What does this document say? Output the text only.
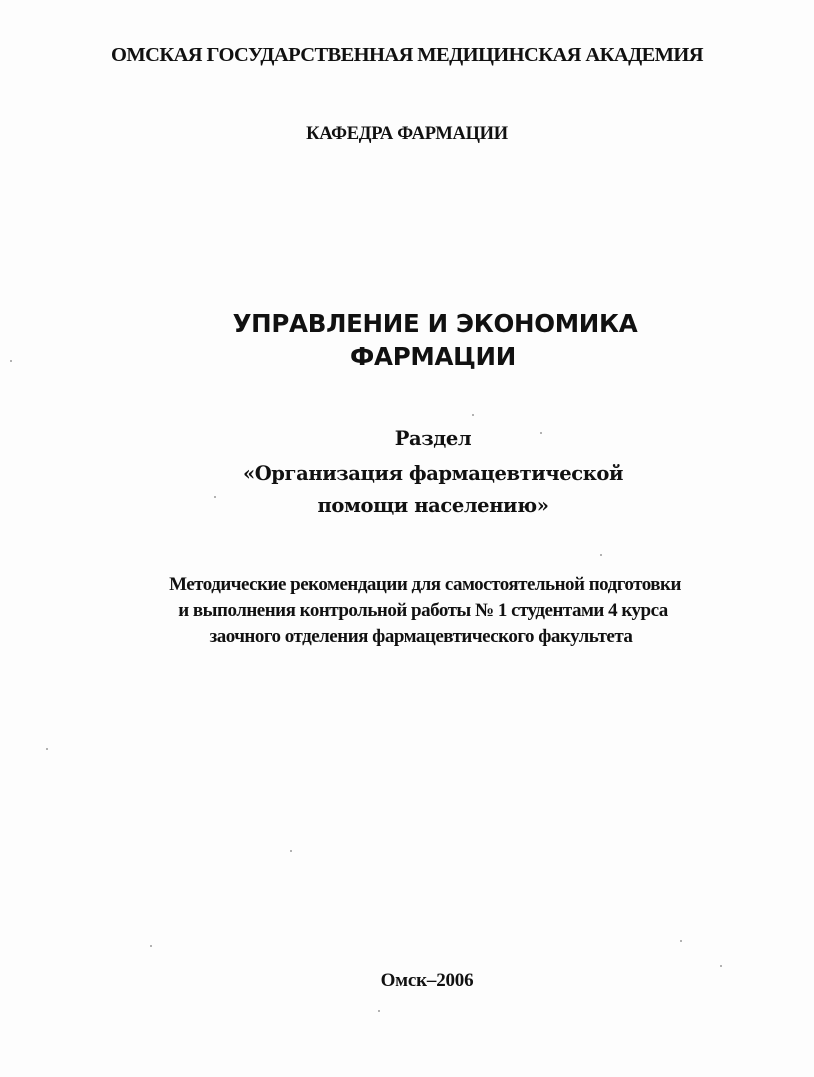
ОМСКАЯ ГОСУДАРСТВЕННАЯ МЕДИЦИНСКАЯ АКАДЕМИЯ
КАФЕДРА ФАРМАЦИИ
УПРАВЛЕНИЕ И ЭКОНОМИКА
ФАРМАЦИИ
Раздел
«Организация фармацевтической
помощи населению»
Методические рекомендации для самостоятельной подготовки
и выполнения контрольной работы № 1 студентами 4 курса
заочного отделения фармацевтического факультета
Омск–2006
